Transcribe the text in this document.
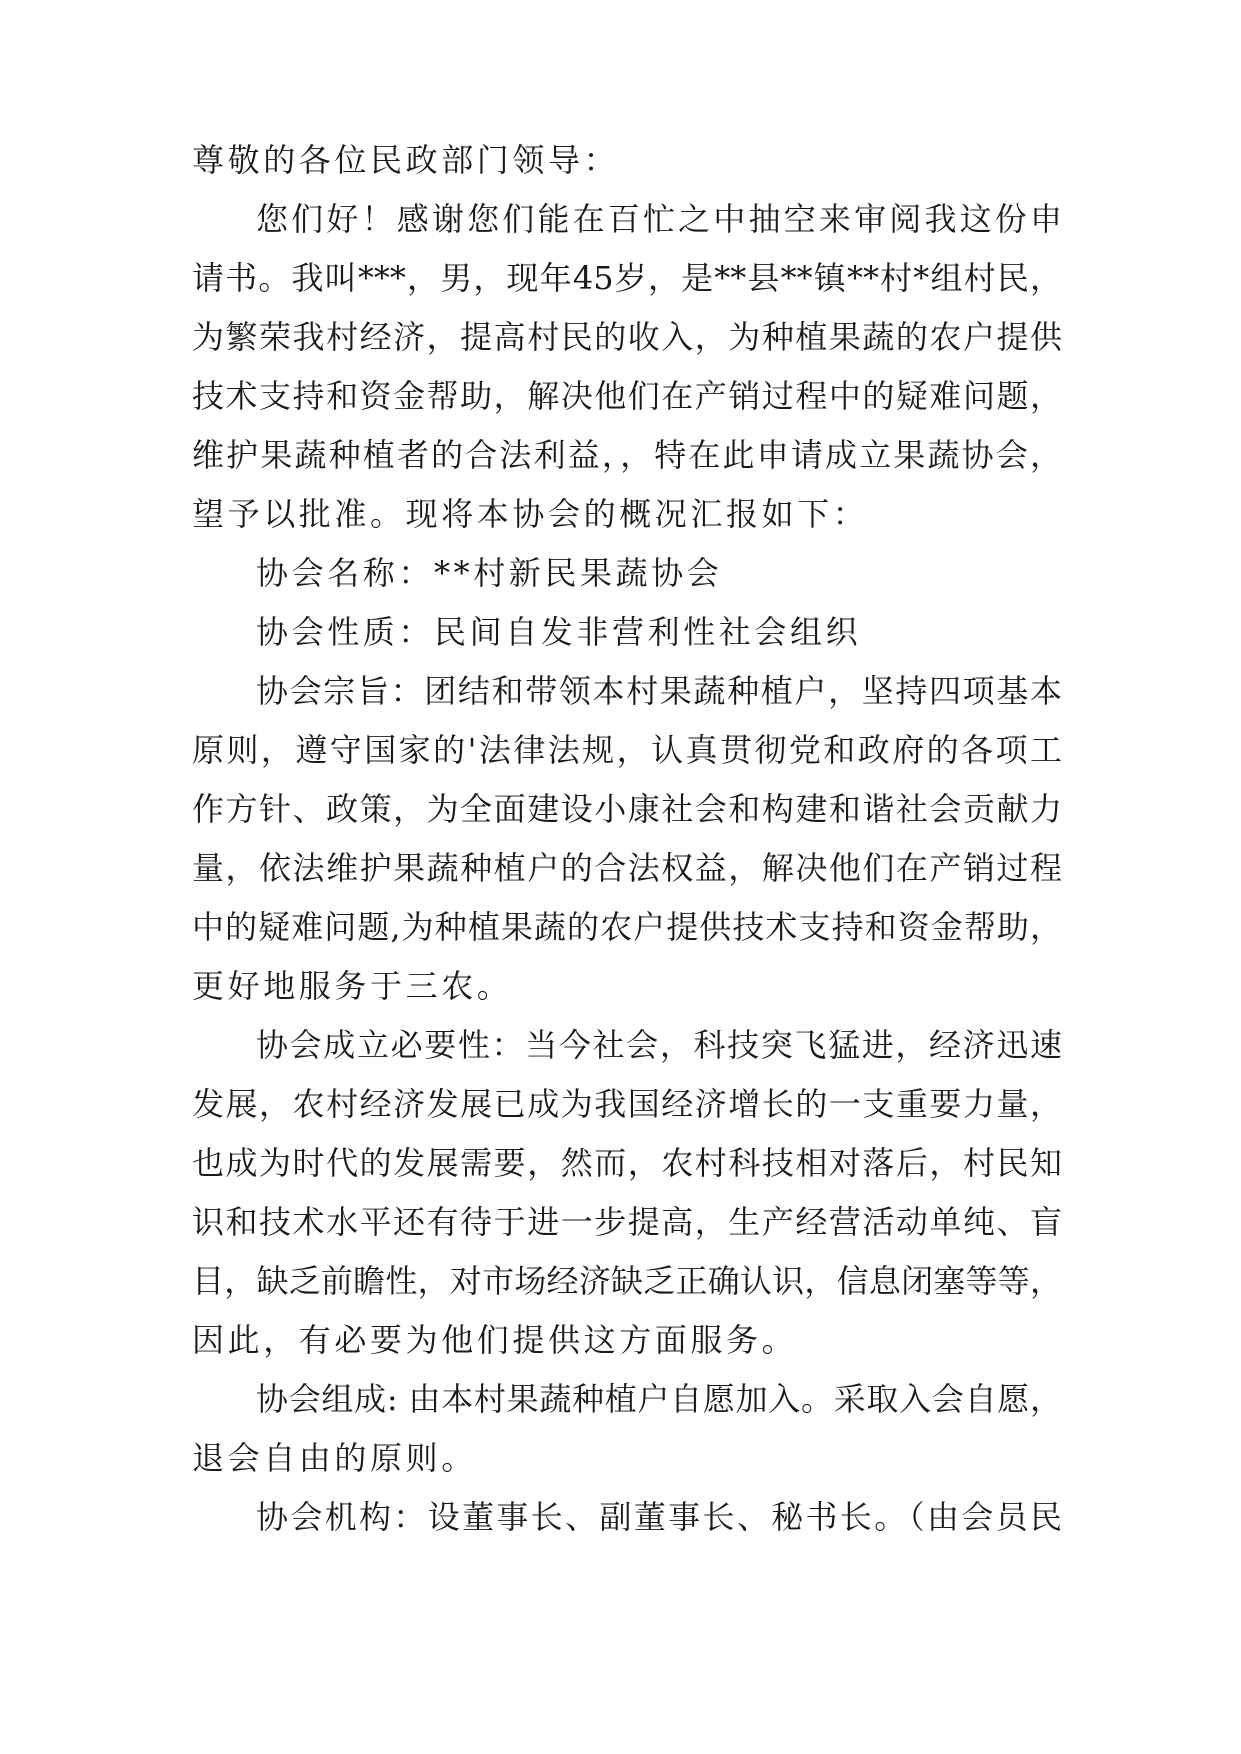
尊敬的各位民政部门领导：
您们好！感谢您们能在百忙之中抽空来审阅我这份申
请书。我叫***，男，现年45岁，是**县**镇**村*组村民，
为繁荣我村经济，提高村民的收入，为种植果蔬的农户提供
技术支持和资金帮助，解决他们在产销过程中的疑难问题，
维护果蔬种植者的合法利益，，特在此申请成立果蔬协会，
望予以批准。现将本协会的概况汇报如下：
协会名称：**村新民果蔬协会
协会性质：民间自发非营利性社会组织
协会宗旨：团结和带领本村果蔬种植户，坚持四项基本
原则，遵守国家的'法律法规，认真贯彻党和政府的各项工
作方针、政策，为全面建设小康社会和构建和谐社会贡献力
量，依法维护果蔬种植户的合法权益，解决他们在产销过程
中的疑难问题,为种植果蔬的农户提供技术支持和资金帮助，
更好地服务于三农。
协会成立必要性：当今社会，科技突飞猛进，经济迅速
发展，农村经济发展已成为我国经济增长的一支重要力量，
也成为时代的发展需要，然而，农村科技相对落后，村民知
识和技术水平还有待于进一步提高，生产经营活动单纯、盲
目，缺乏前瞻性，对市场经济缺乏正确认识，信息闭塞等等，
因此，有必要为他们提供这方面服务。
协会组成: 由本村果蔬种植户自愿加入。采取入会自愿，
退会自由的原则。
协会机构：设董事长、副董事长、秘书长。（由会员民
